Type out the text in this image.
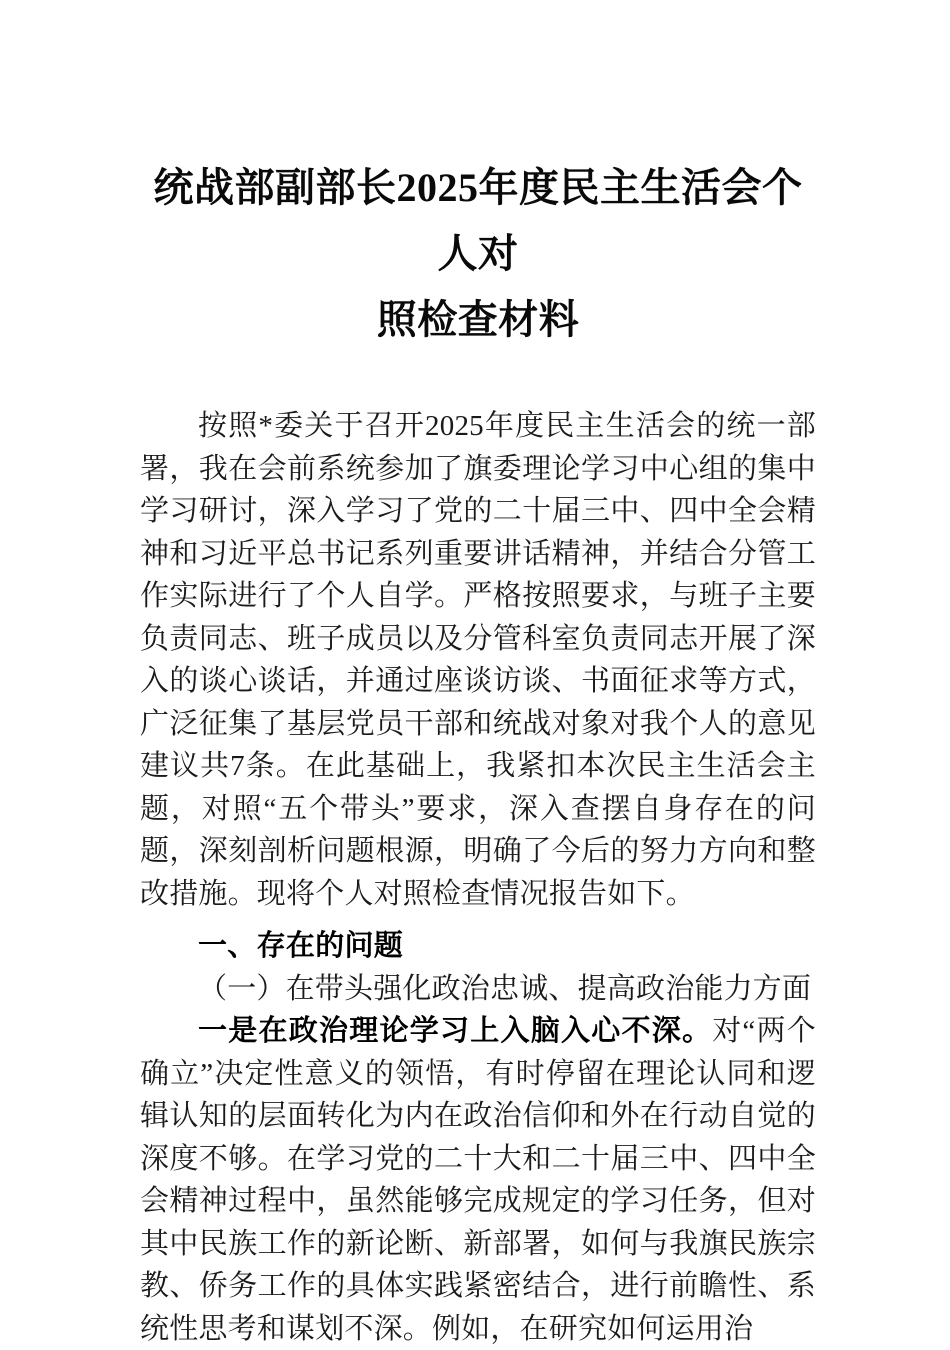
统战部副部长2025年度民主生活会个人对
照检查材料

按照*委关于召开2025年度民主生活会的统一部署，我在会前系统参加了旗委理论学习中心组的集中学习研讨，深入学习了党的二十届三中、四中全会精神和习近平总书记系列重要讲话精神，并结合分管工作实际进行了个人自学。严格按照要求，与班子主要负责同志、班子成员以及分管科室负责同志开展了深入的谈心谈话，并通过座谈访谈、书面征求等方式，广泛征集了基层党员干部和统战对象对我个人的意见建议共7条。在此基础上，我紧扣本次民主生活会主题，对照“五个带头”要求，深入查摆自身存在的问题，深刻剖析问题根源，明确了今后的努力方向和整改措施。现将个人对照检查情况报告如下。

一、存在的问题

（一）在带头强化政治忠诚、提高政治能力方面

一是在政治理论学习上入脑入心不深。对“两个确立”决定性意义的领悟，有时停留在理论认同和逻辑认知的层面转化为内在政治信仰和外在行动自觉的深度不够。在学习党的二十大和二十届三中、四中全会精神过程中，虽然能够完成规定的学习任务，但对其中民族工作的新论断、新部署，如何与我旗民族宗教、侨务工作的具体实践紧密结合，进行前瞻性、系统性思考和谋划不深。例如，在研究如何运用治
